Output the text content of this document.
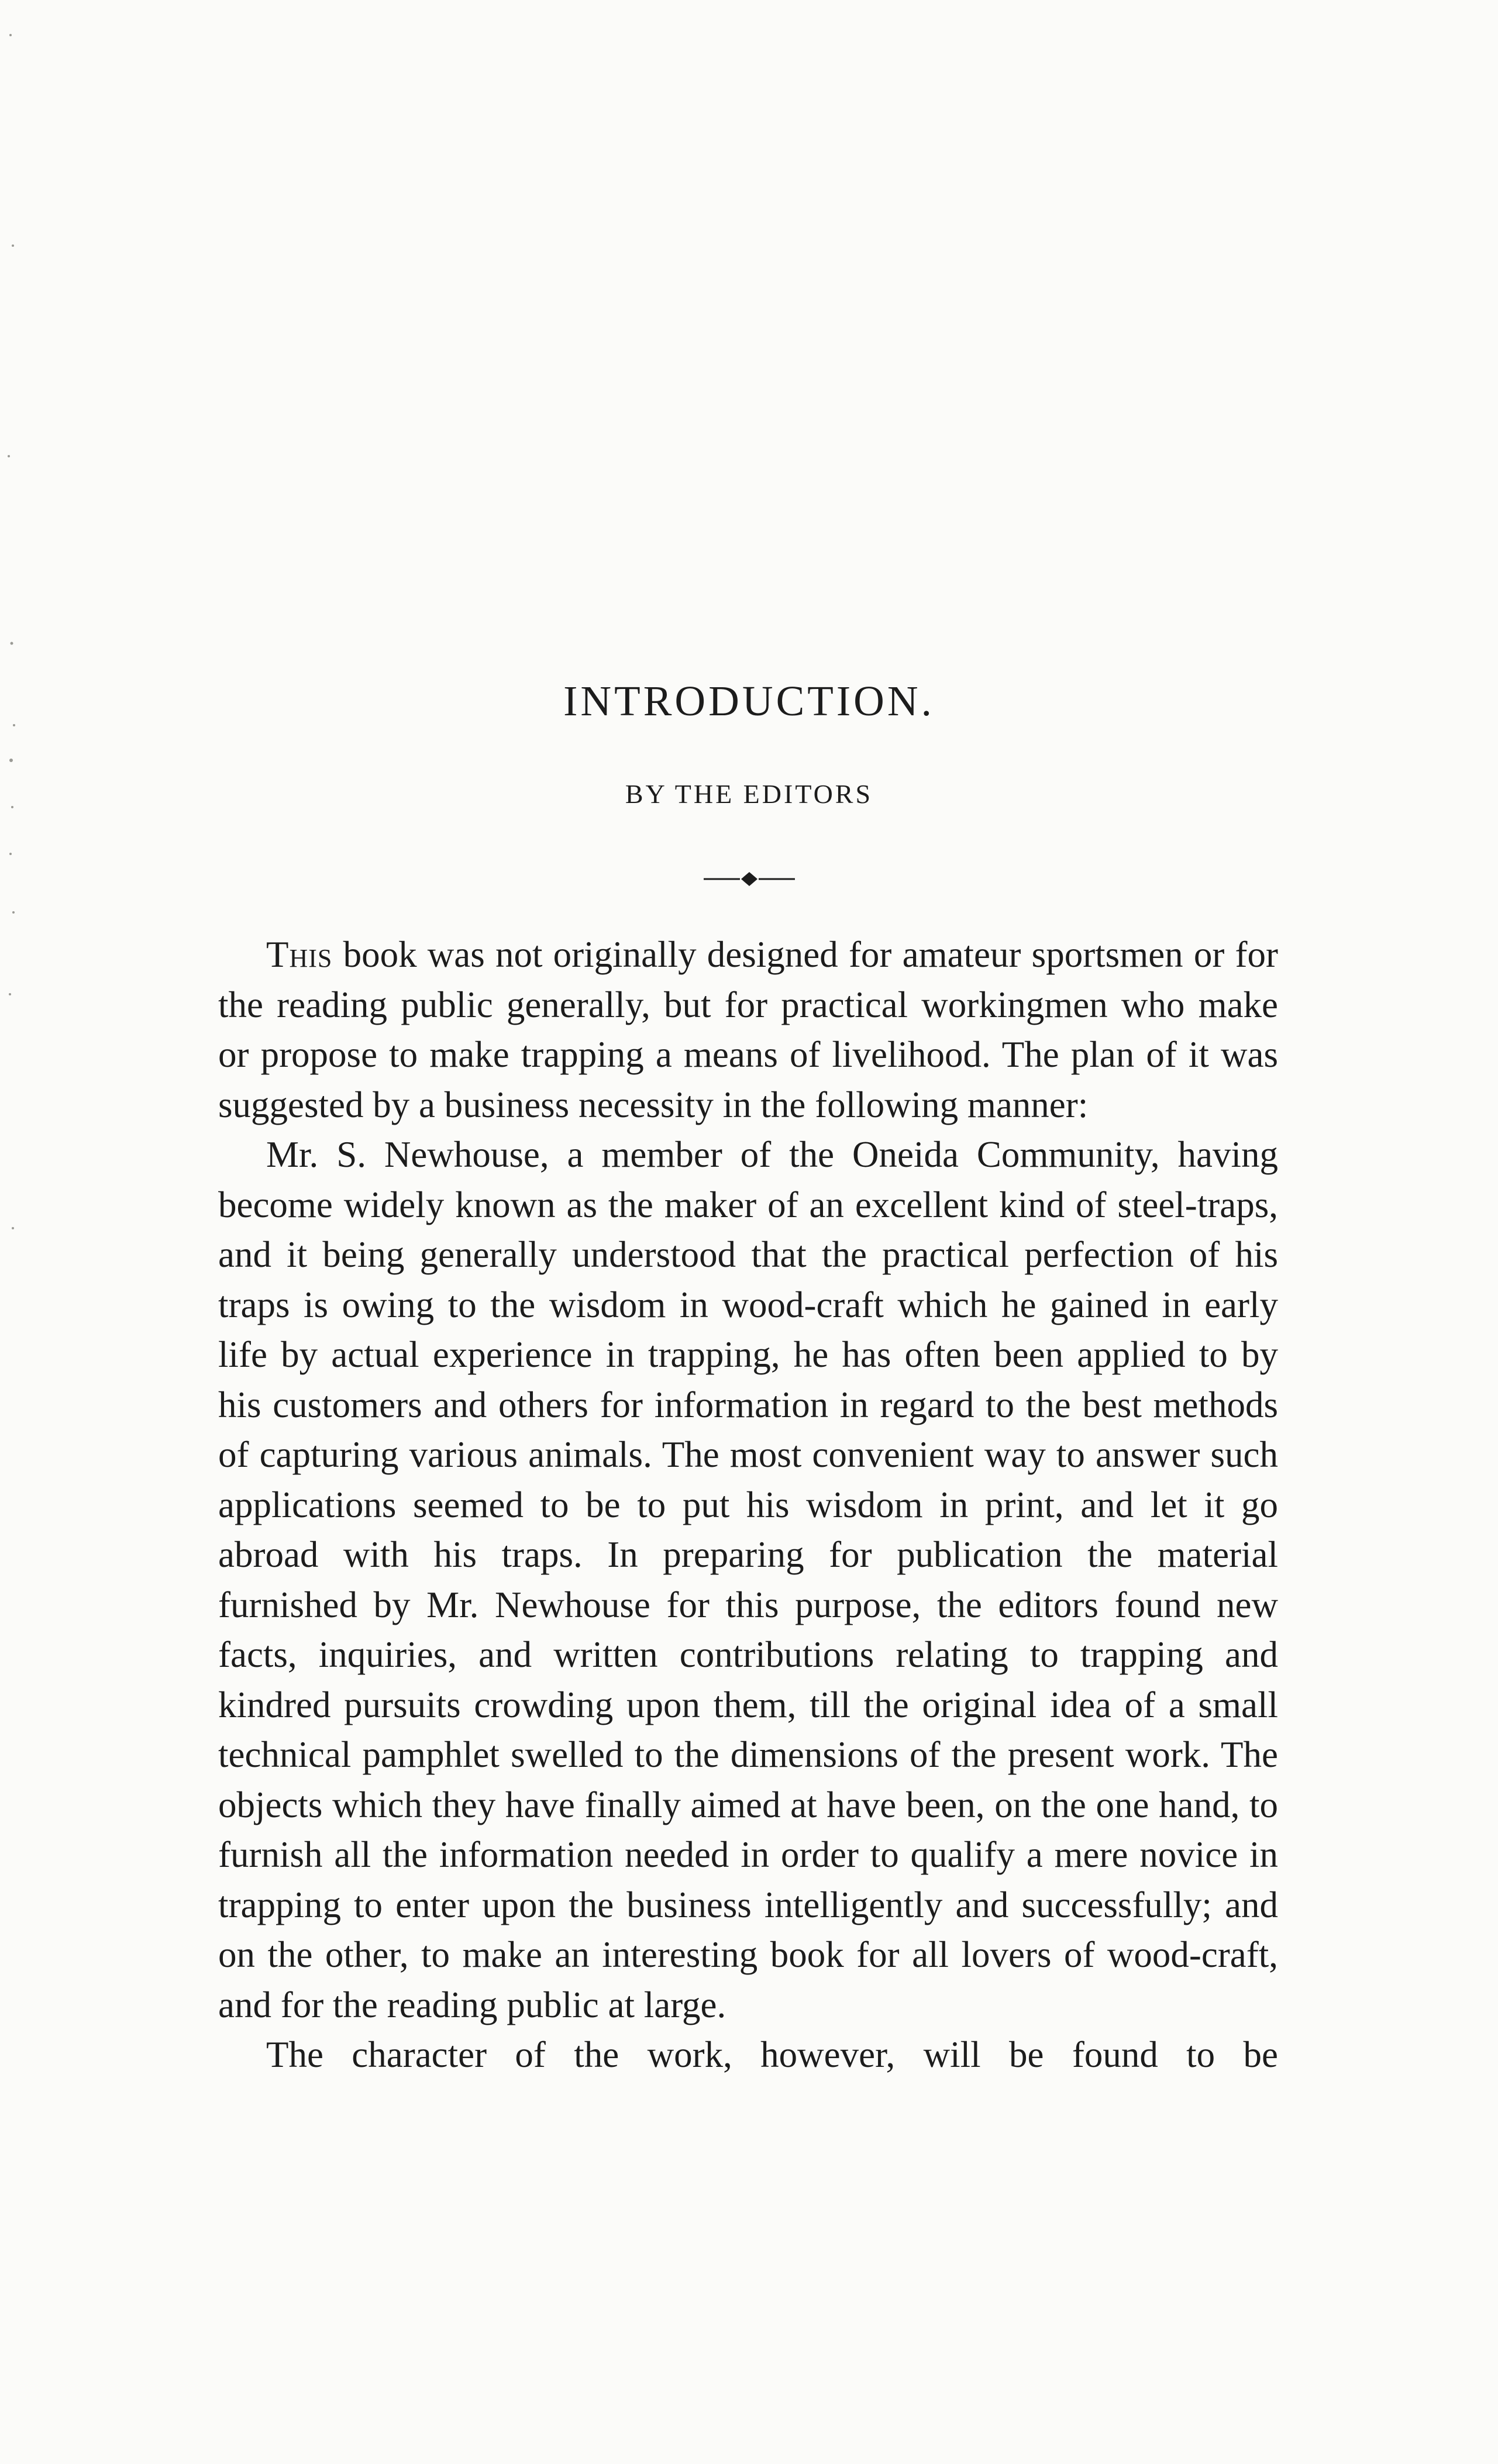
INTRODUCTION.
BY THE EDITORS

This book was not originally designed for amateur sportsmen or for the reading public generally, but for practical workingmen who make or propose to make trapping a means of livelihood. The plan of it was suggested by a business necessity in the following manner:

Mr. S. Newhouse, a member of the Oneida Community, having become widely known as the maker of an excellent kind of steel-traps, and it being generally understood that the practical perfection of his traps is owing to the wisdom in wood-craft which he gained in early life by actual experience in trapping, he has often been applied to by his customers and others for information in regard to the best methods of capturing various animals. The most convenient way to answer such applications seemed to be to put his wisdom in print, and let it go abroad with his traps. In preparing for publication the material furnished by Mr. Newhouse for this purpose, the editors found new facts, inquiries, and written contributions relating to trapping and kindred pursuits crowding upon them, till the original idea of a small technical pamphlet swelled to the dimensions of the present work. The objects which they have finally aimed at have been, on the one hand, to furnish all the information needed in order to qualify a mere novice in trapping to enter upon the business intelligently and successfully; and on the other, to make an interesting book for all lovers of wood-craft, and for the reading public at large.

The character of the work, however, will be found to be
